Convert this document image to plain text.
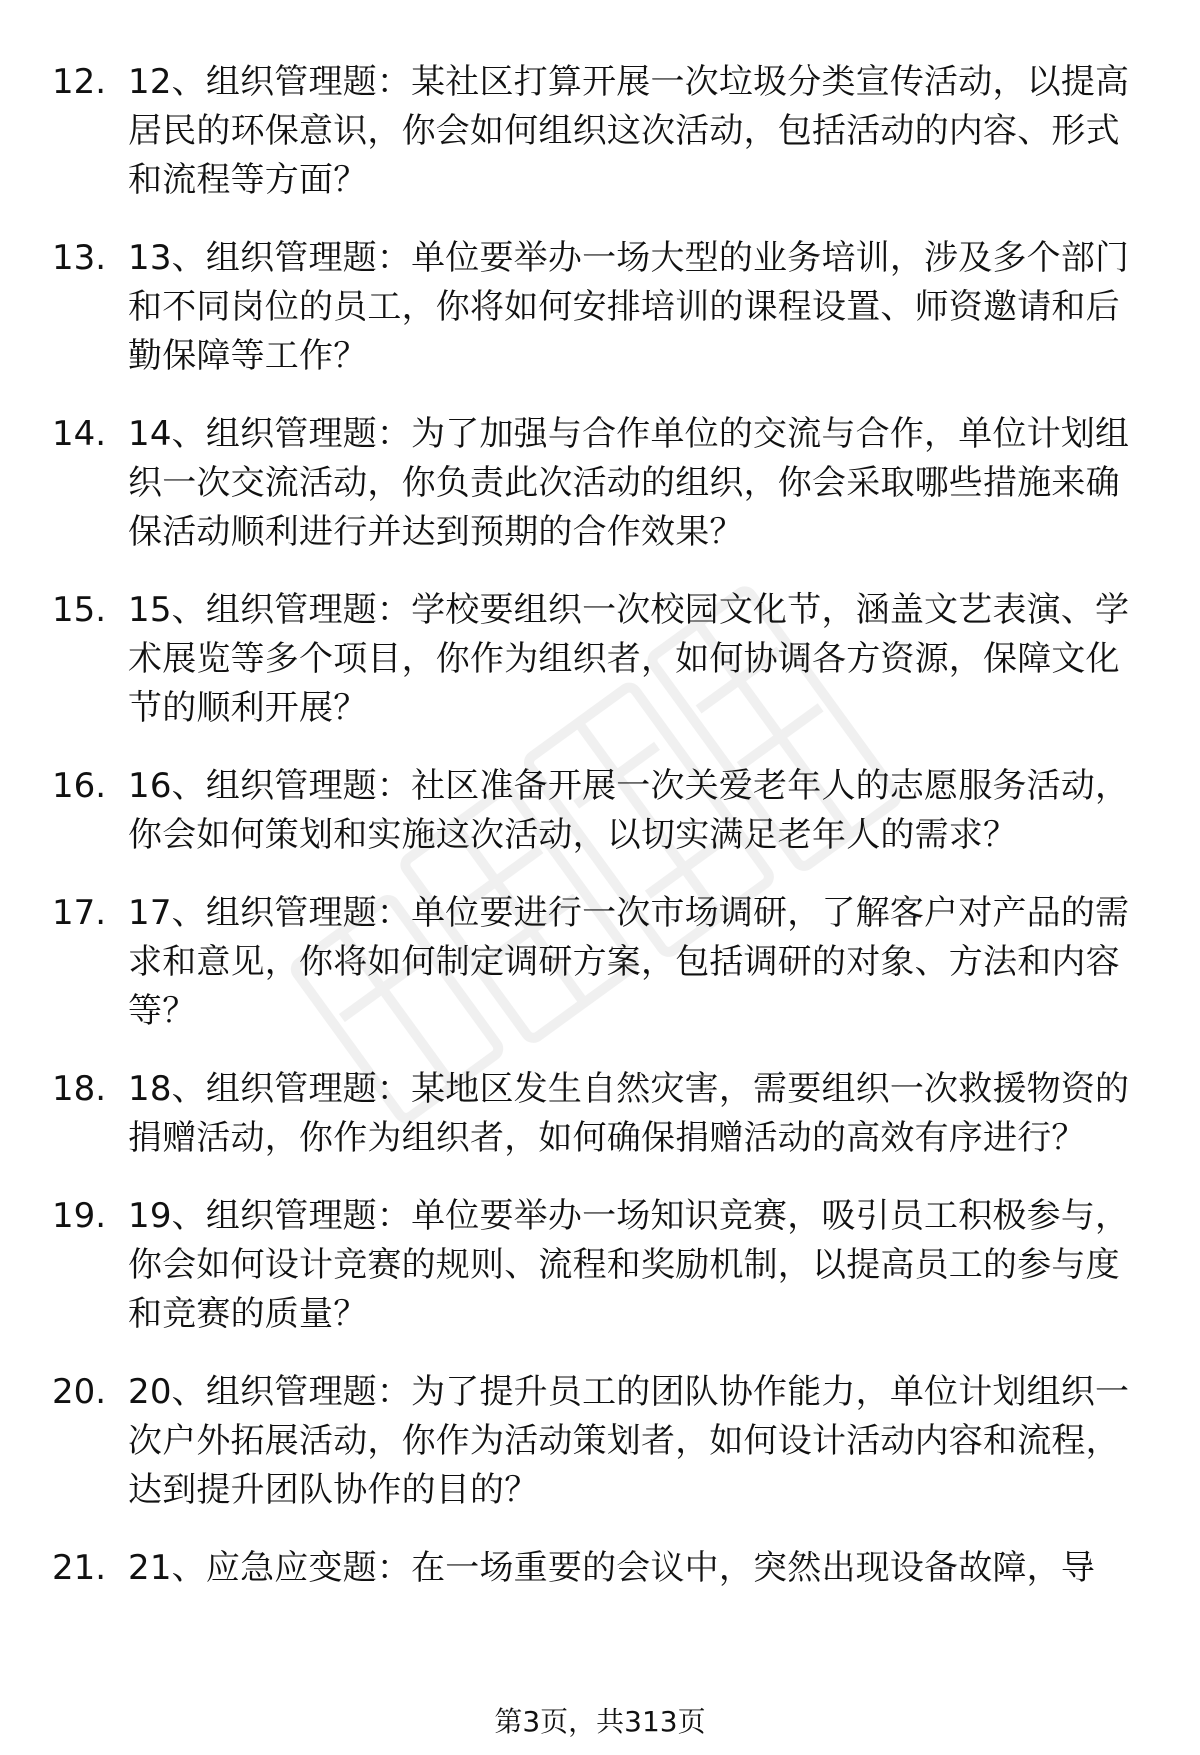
12. 12、组织管理题：某社区打算开展一次垃圾分类宣传活动，以提高居民的环保意识，你会如何组织这次活动，包括活动的内容、形式和流程等方面？
13. 13、组织管理题：单位要举办一场大型的业务培训，涉及多个部门和不同岗位的员工，你将如何安排培训的课程设置、师资邀请和后勤保障等工作？
14. 14、组织管理题：为了加强与合作单位的交流与合作，单位计划组织一次交流活动，你负责此次活动的组织，你会采取哪些措施来确保活动顺利进行并达到预期的合作效果？
15. 15、组织管理题：学校要组织一次校园文化节，涵盖文艺表演、学术展览等多个项目，你作为组织者，如何协调各方资源，保障文化节的顺利开展？
16. 16、组织管理题：社区准备开展一次关爱老年人的志愿服务活动，你会如何策划和实施这次活动，以切实满足老年人的需求？
17. 17、组织管理题：单位要进行一次市场调研，了解客户对产品的需求和意见，你将如何制定调研方案，包括调研的对象、方法和内容等？
18. 18、组织管理题：某地区发生自然灾害，需要组织一次救援物资的捐赠活动，你作为组织者，如何确保捐赠活动的高效有序进行？
19. 19、组织管理题：单位要举办一场知识竞赛，吸引员工积极参与，你会如何设计竞赛的规则、流程和奖励机制，以提高员工的参与度和竞赛的质量？
20. 20、组织管理题：为了提升员工的团队协作能力，单位计划组织一次户外拓展活动，你作为活动策划者，如何设计活动内容和流程，达到提升团队协作的目的？
21. 21、应急应变题：在一场重要的会议中，突然出现设备故障，导
第3页，共313页
